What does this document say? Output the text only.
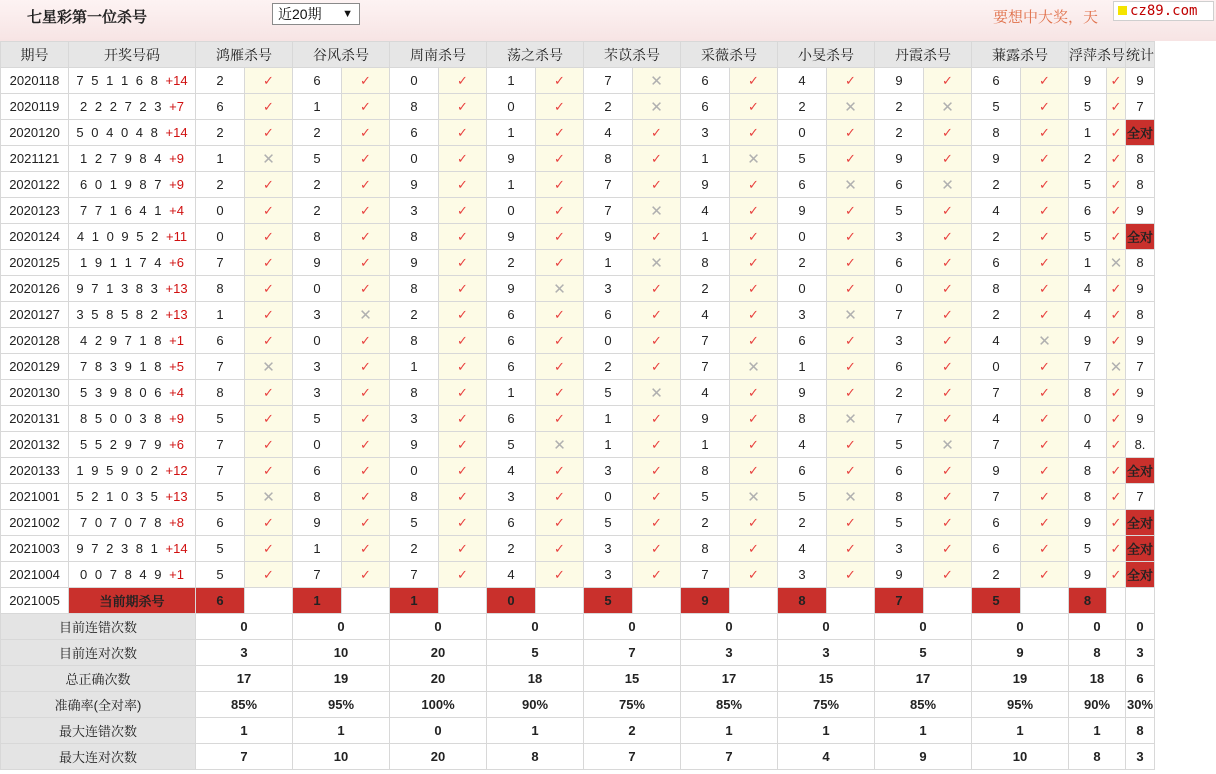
七星彩第一位杀号	近20期 ▼	要想中大奖，天	cz89.com
期号	开奖号码	鸿雁杀号		谷风杀号		周南杀号		荡之杀号		芣苡杀号		采薇杀号		小旻杀号		丹霞杀号		蒹露杀号		浮萍杀号		统计
2020118	7 5 1 1 6 8 +14	2	✓	6	✓	0	✓	1	✓	7	✕	6	✓	4	✓	9	✓	6	✓	9	✓	9
2020119	2 2 2 7 2 3 +7	6	✓	1	✓	8	✓	0	✓	2	✕	6	✓	2	✕	2	✕	5	✓	5	✓	7
2020120	5 0 4 0 4 8 +14	2	✓	2	✓	6	✓	1	✓	4	✓	3	✓	0	✓	2	✓	8	✓	1	✓	全对
2021121	1 2 7 9 8 4 +9	1	✕	5	✓	0	✓	9	✓	8	✓	1	✕	5	✓	9	✓	9	✓	2	✓	8
2020122	6 0 1 9 8 7 +9	2	✓	2	✓	9	✓	1	✓	7	✓	9	✓	6	✕	6	✕	2	✓	5	✓	8
2020123	7 7 1 6 4 1 +4	0	✓	2	✓	3	✓	0	✓	7	✕	4	✓	9	✓	5	✓	4	✓	6	✓	9
2020124	4 1 0 9 5 2 +11	0	✓	8	✓	8	✓	9	✓	9	✓	1	✓	0	✓	3	✓	2	✓	5	✓	全对
2020125	1 9 1 1 7 4 +6	7	✓	9	✓	9	✓	2	✓	1	✕	8	✓	2	✓	6	✓	6	✓	1	✕	8
2020126	9 7 1 3 8 3 +13	8	✓	0	✓	8	✓	9	✕	3	✓	2	✓	0	✓	0	✓	8	✓	4	✓	9
2020127	3 5 8 5 8 2 +13	1	✓	3	✕	2	✓	6	✓	6	✓	4	✓	3	✕	7	✓	2	✓	4	✓	8
2020128	4 2 9 7 1 8 +1	6	✓	0	✓	8	✓	6	✓	0	✓	7	✓	6	✓	3	✓	4	✕	9	✓	9
2020129	7 8 3 9 1 8 +5	7	✕	3	✓	1	✓	6	✓	2	✓	7	✕	1	✓	6	✓	0	✓	7	✕	7
2020130	5 3 9 8 0 6 +4	8	✓	3	✓	8	✓	1	✓	5	✕	4	✓	9	✓	2	✓	7	✓	8	✓	9
2020131	8 5 0 0 3 8 +9	5	✓	5	✓	3	✓	6	✓	1	✓	9	✓	8	✕	7	✓	4	✓	0	✓	9
2020132	5 5 2 9 7 9 +6	7	✓	0	✓	9	✓	5	✕	1	✓	1	✓	4	✓	5	✕	7	✓	4	✓	8.
2020133	1 9 5 9 0 2 +12	7	✓	6	✓	0	✓	4	✓	3	✓	8	✓	6	✓	6	✓	9	✓	8	✓	全对
2021001	5 2 1 0 3 5 +13	5	✕	8	✓	8	✓	3	✓	0	✓	5	✕	5	✕	8	✓	7	✓	8	✓	7
2021002	7 0 7 0 7 8 +8	6	✓	9	✓	5	✓	6	✓	5	✓	2	✓	2	✓	5	✓	6	✓	9	✓	全对
2021003	9 7 2 3 8 1 +14	5	✓	1	✓	2	✓	2	✓	3	✓	8	✓	4	✓	3	✓	6	✓	5	✓	全对
2021004	0 0 7 8 4 9 +1	5	✓	7	✓	7	✓	4	✓	3	✓	7	✓	3	✓	9	✓	2	✓	9	✓	全对
2021005	当前期杀号	6		1		1		0		5		9		8		7		5		8		
目前连错次数		0		0		0		0		0		0		0		0		0		0		0
目前连对次数		3		10		20		5		7		3		3		5		9		8		3
总正确次数		17		19		20		18		15		17		15		17		19		18		6
准确率(全对率)		85%		95%		100%		90%		75%		85%		75%		85%		95%		90%		30%
最大连错次数		1		1		0		1		2		1		1		1		1		1		8
最大连对次数		7		10		20		8		7		7		4		9		10		8		3
